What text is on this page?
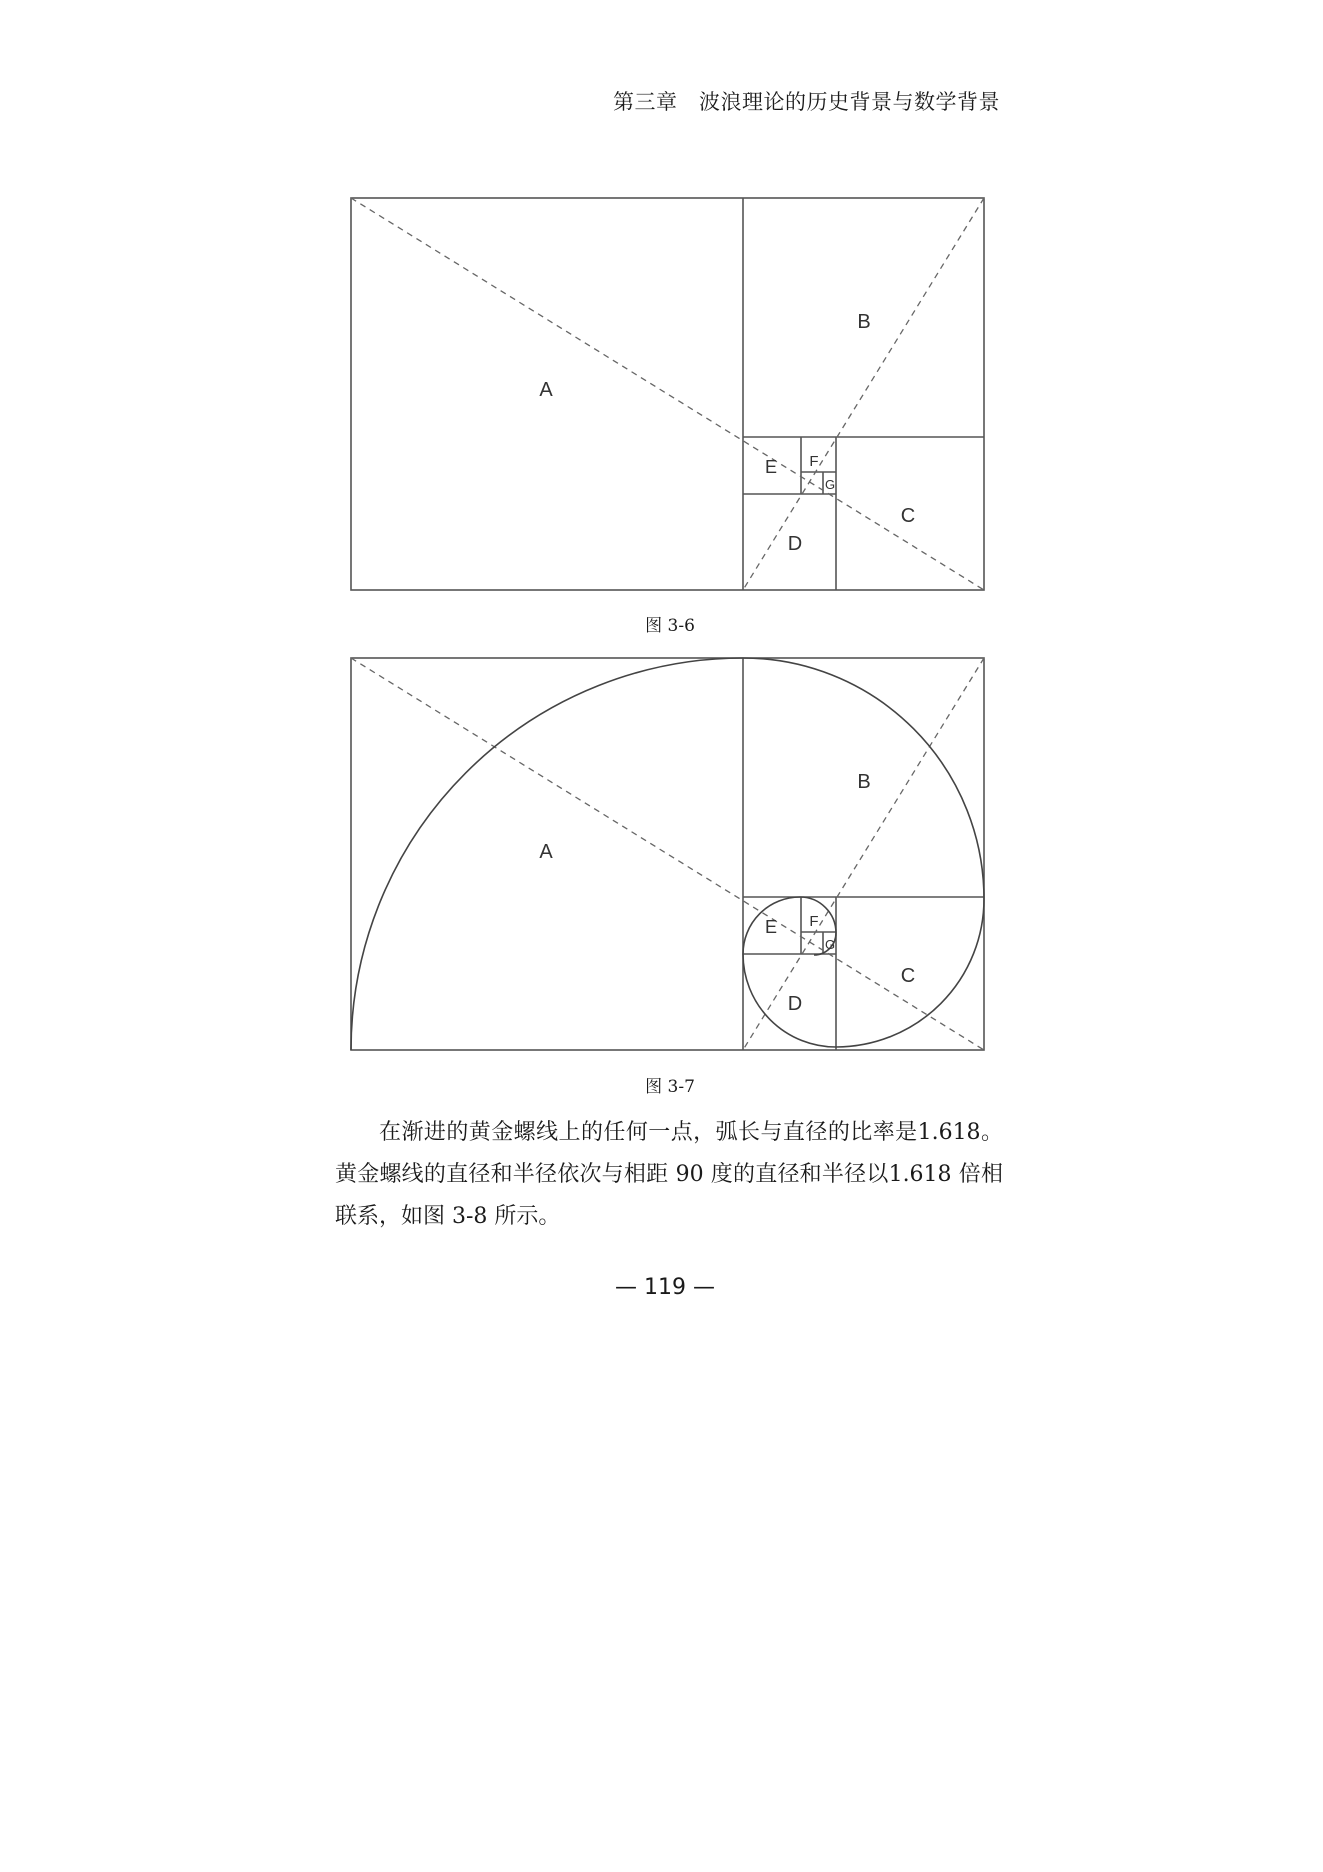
第三章　波浪理论的历史背景与数学背景
A
B
C
D
E F
G
图 3-6
A
B
C
D
E F
G
图 3-7

在渐进的黄金螺线上的任何一点，弧长与直径的比率是1.618。黄金螺线的直径和半径依次与相距 90 度的直径和半径以1.618 倍相联系，如图 3-8 所示。

— 119 —
